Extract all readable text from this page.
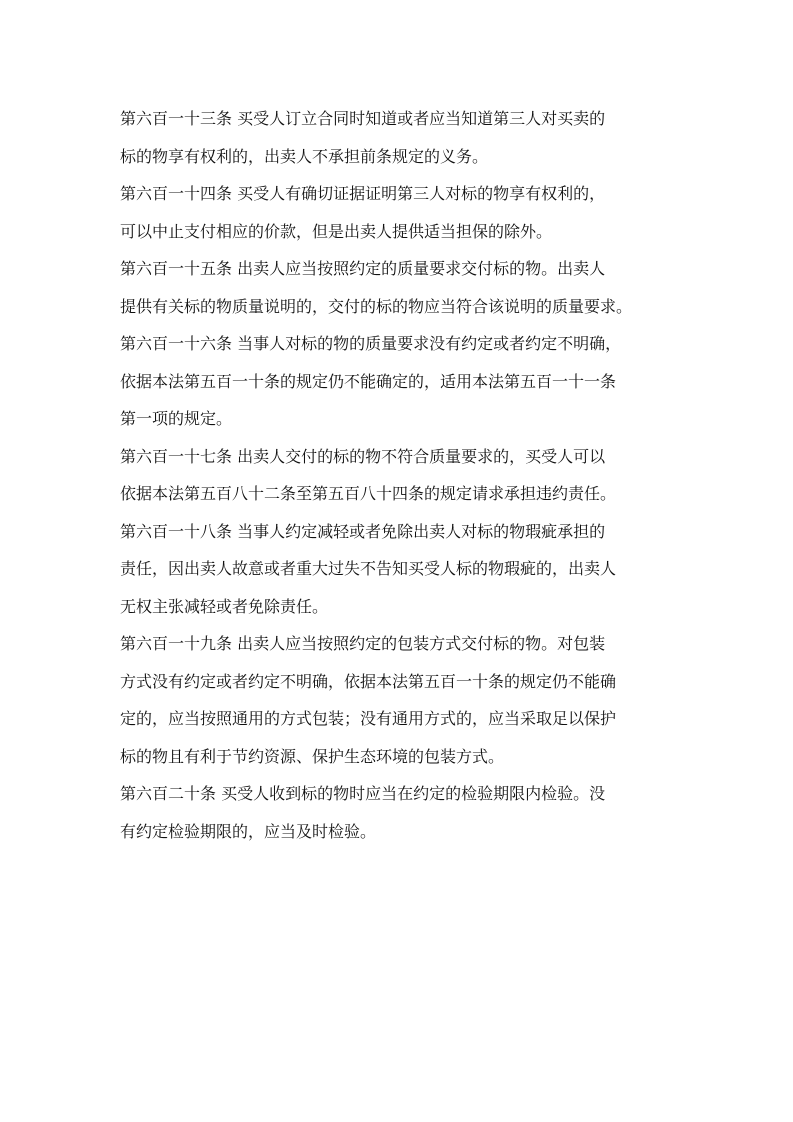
第六百一十三条 买受人订立合同时知道或者应当知道第三人对买卖的
标的物享有权利的，出卖人不承担前条规定的义务。
第六百一十四条 买受人有确切证据证明第三人对标的物享有权利的，
可以中止支付相应的价款，但是出卖人提供适当担保的除外。
第六百一十五条 出卖人应当按照约定的质量要求交付标的物。出卖人
提供有关标的物质量说明的，交付的标的物应当符合该说明的质量要求。
第六百一十六条 当事人对标的物的质量要求没有约定或者约定不明确，
依据本法第五百一十条的规定仍不能确定的，适用本法第五百一十一条
第一项的规定。
第六百一十七条 出卖人交付的标的物不符合质量要求的，买受人可以
依据本法第五百八十二条至第五百八十四条的规定请求承担违约责任。
第六百一十八条 当事人约定减轻或者免除出卖人对标的物瑕疵承担的
责任，因出卖人故意或者重大过失不告知买受人标的物瑕疵的，出卖人
无权主张减轻或者免除责任。
第六百一十九条 出卖人应当按照约定的包装方式交付标的物。对包装
方式没有约定或者约定不明确，依据本法第五百一十条的规定仍不能确
定的，应当按照通用的方式包装；没有通用方式的，应当采取足以保护
标的物且有利于节约资源、保护生态环境的包装方式。
第六百二十条 买受人收到标的物时应当在约定的检验期限内检验。没
有约定检验期限的，应当及时检验。
